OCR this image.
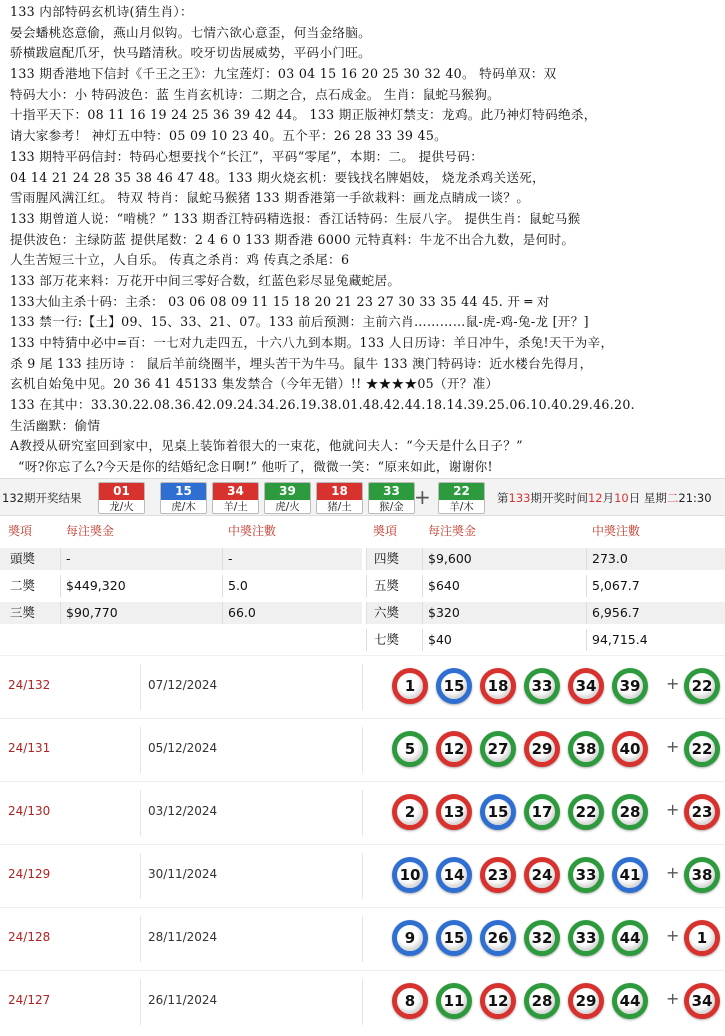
133 内部特码玄机诗(猜生肖）：
晏会蟠桃恣意偷，燕山月似钩。七情六欲心意歪，何当金络脑。
骄横跋扈配爪牙，快马踏清秋。咬牙切齿展威势，平码小门旺。
133 期香港地下信封《千王之王》：九宝莲灯：03 04 15 16 20 25 30 32 40。 特码单双：双
特码大小：小 特码波色：蓝 生肖玄机诗：二期之合，点石成金。 生肖：鼠蛇马猴狗。
十指平天下：08 11 16 19 24 25 36 39 42 44。 133 期正版神灯禁支：龙鸡。此乃神灯特码绝杀，
请大家参考！ 神灯五中特：05 09 10 23 40。五个平：26 28 33 39 45。
133 期特平码信封：特码心想要找个“长江”，平码“零尾”，本期：二。 提供号码：
04 14 21 24 28 35 38 46 47 48。133 期火烧玄机：要钱找名牌娼妓， 烧龙杀鸡关送死，
雪雨腥风满江红。 特双 特肖：鼠蛇马猴猪 133 期香港第一手欲栽料：画龙点睛成一谈？。
133 期曾道人说：“啃桃？” 133 期香江特码精选报：香江话特码：生辰八字。 提供生肖：鼠蛇马猴
提供波色：主绿防蓝 提供尾数：2 4 6 0 133 期香港 6000 元特真料：牛龙不出合九数，是何时。
人生苦短三十立，人自乐。 传真之杀肖：鸡 传真之杀尾：6
133 部万花来料：万花开中间三零好合数，红蓝色彩尽显兔藏蛇居。
133大仙主杀十码：主杀： 03 06 08 09 11 15 18 20 21 23 27 30 33 35 44 45. 开 ═ 对
133 禁一行:【土】09、15、33、21、07。133 前后预测：主前六肖…………鼠-虎-鸡-兔-龙 [开？]
133 中特猜中必中=百：一七对九走四五，十六八九到本期。133 人日历诗：羊日冲牛，杀兔!天干为辛，
杀 9 尾 133 挂历诗 ： 鼠后羊前绕圈半，埋头苦干为牛马。鼠牛 133 澳门特码诗：近水楼台先得月，
玄机自始兔中见。20 36 41 45133 集发禁合（今年无错）!! ★★★★05（开？准）
133 在其中：33.30.22.08.36.42.09.24.34.26.19.38.01.48.42.44.18.14.39.25.06.10.40.29.46.20.
生活幽默：偷情
A教授从研究室回到家中，见桌上装饰着很大的一束花，他就问夫人：“今天是什么日子？”
“呀?你忘了么?今天是你的结婚纪念日啊!” 他听了，微微一笑：“原来如此，谢谢你!
132期开奖结果	01
龙/火
15
虎/木
34
羊/土
39
虎/火
18
猪/土
33
猴/金
22
羊/木
+	第133期开奖时间12月10日 星期二21:30
奬項	每注奬金	中奬注數	奬項	每注奬金	中奬注數
頭奬	-	-	四奬	$9,600	273.0
二奬	$449,320	5.0	五奬	$640	5,067.7
三奬	$90,770	66.0	六奬	$320	6,956.7
七奬	$40	94,715.4
24/132	07/12/2024	1	15	18	33	34	39	+ 22
24/131	05/12/2024	5	12	27	29	38	40	+ 22
24/130	03/12/2024	2	13	15	17	22	28	+ 23
24/129	30/11/2024	10	14	23	24	33	41	+ 38
24/128	28/11/2024	9	15	26	32	33	44	+	1
24/127	26/11/2024	8	11	12	28	29	44	+ 34
